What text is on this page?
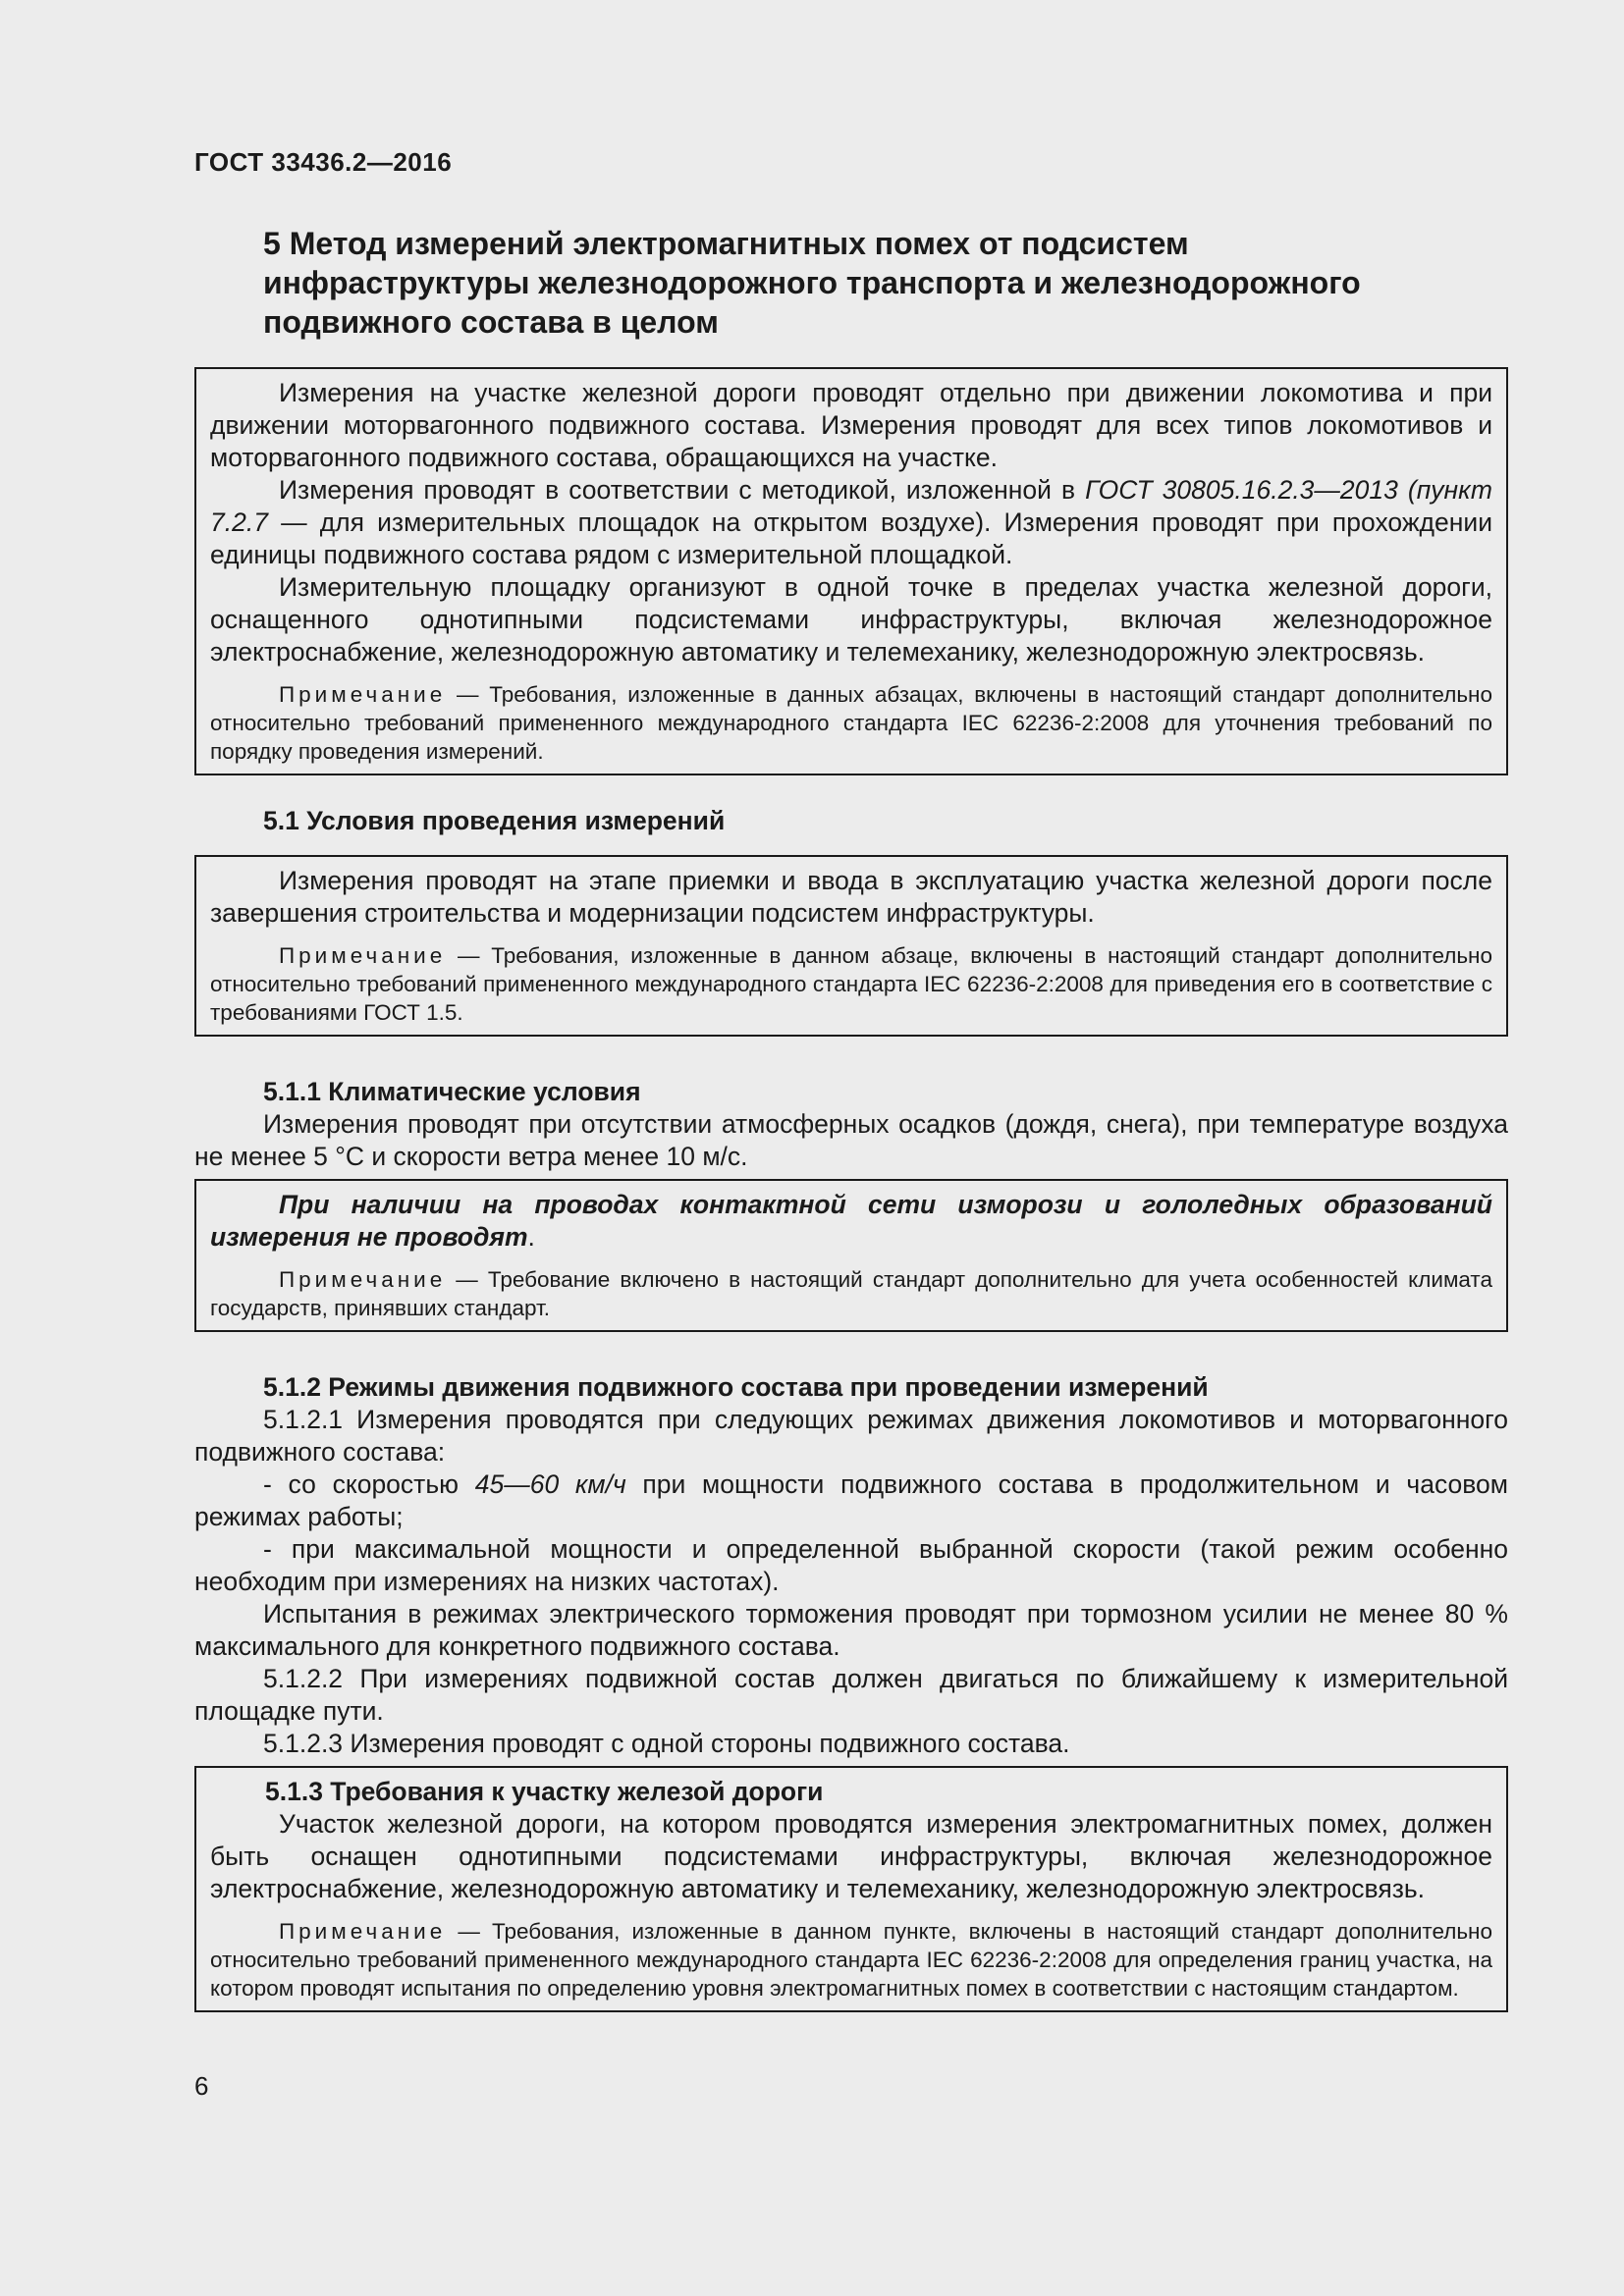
ГОСТ 33436.2—2016
5 Метод измерений электромагнитных помех от подсистем инфраструктуры железнодорожного транспорта и железнодорожного подвижного состава в целом

Измерения на участке железной дороги проводят отдельно при движении локомотива и при движении моторвагонного подвижного состава. Измерения проводят для всех типов локомотивов и моторвагонного подвижного состава, обращающихся на участке.

Измерения проводят в соответствии с методикой, изложенной в ГОСТ 30805.16.2.3—2013 (пункт 7.2.7 — для измерительных площадок на открытом воздухе). Измерения проводят при прохождении единицы подвижного состава рядом с измерительной площадкой.

Измерительную площадку организуют в одной точке в пределах участка железной дороги, оснащенного однотипными подсистемами инфраструктуры, включая железнодорожное электроснабжение, железнодорожную автоматику и телемеханику, железнодорожную электросвязь.

Примечание — Требования, изложенные в данных абзацах, включены в настоящий стандарт дополнительно относительно требований примененного международного стандарта IEC 62236-2:2008 для уточнения требований по порядку проведения измерений.

5.1 Условия проведения измерений

Измерения проводят на этапе приемки и ввода в эксплуатацию участка железной дороги после завершения строительства и модернизации подсистем инфраструктуры.

Примечание — Требования, изложенные в данном абзаце, включены в настоящий стандарт дополнительно относительно требований примененного международного стандарта IEC 62236-2:2008 для приведения его в соответствие с требованиями ГОСТ 1.5.

5.1.1 Климатические условия

Измерения проводят при отсутствии атмосферных осадков (дождя, снега), при температуре воздуха не менее 5 °С и скорости ветра менее 10 м/с.

При наличии на проводах контактной сети изморози и гололедных образований измерения не проводят.

Примечание — Требование включено в настоящий стандарт дополнительно для учета особенностей климата государств, принявших стандарт.

5.1.2 Режимы движения подвижного состава при проведении измерений

5.1.2.1 Измерения проводятся при следующих режимах движения локомотивов и моторвагонного подвижного состава:

- со скоростью 45—60 км/ч при мощности подвижного состава в продолжительном и часовом режимах работы;

- при максимальной мощности и определенной выбранной скорости (такой режим особенно необходим при измерениях на низких частотах).

Испытания в режимах электрического торможения проводят при тормозном усилии не менее 80 % максимального для конкретного подвижного состава.

5.1.2.2 При измерениях подвижной состав должен двигаться по ближайшему к измерительной площадке пути.

5.1.2.3 Измерения проводят с одной стороны подвижного состава.

5.1.3 Требования к участку железой дороги

Участок железной дороги, на котором проводятся измерения электромагнитных помех, должен быть оснащен однотипными подсистемами инфраструктуры, включая железнодорожное электроснабжение, железнодорожную автоматику и телемеханику, железнодорожную электросвязь.

Примечание — Требования, изложенные в данном пункте, включены в настоящий стандарт дополнительно относительно требований примененного международного стандарта IEC 62236-2:2008 для определения границ участка, на котором проводят испытания по определению уровня электромагнитных помех в соответствии с настоящим стандартом.

6
